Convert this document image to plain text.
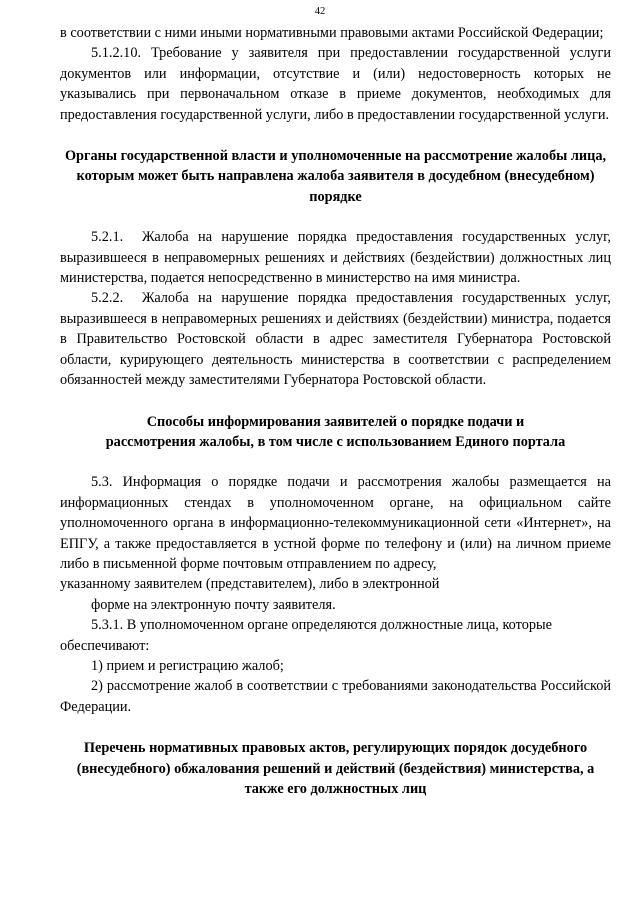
42

в соответствии с ними иными нормативными правовыми актами Российской Федерации;

5.1.2.10. Требование у заявителя при предоставлении государственной услуги документов или информации, отсутствие и (или) недостоверность которых не указывались при первоначальном отказе в приеме документов, необходимых для предоставления государственной услуги, либо в предоставлении государственной услуги.

Органы государственной власти и уполномоченные на рассмотрение жалобы лица, которым может быть направлена жалоба заявителя в досудебном (внесудебном) порядке

5.2.1.  Жалоба на нарушение порядка предоставления государственных услуг, выразившееся в неправомерных решениях и действиях (бездействии) должностных лиц министерства, подается непосредственно в министерство на имя министра.

5.2.2.  Жалоба на нарушение порядка предоставления государственных услуг, выразившееся в неправомерных решениях и действиях (бездействии) министра, подается в Правительство Ростовской области в адрес заместителя Губернатора Ростовской области, курирующего деятельность министерства в соответствии с распределением обязанностей между заместителями Губернатора Ростовской области.

Способы информирования заявителей о порядке подачи и рассмотрения жалобы, в том числе с использованием Единого портала

5.3. Информация о порядке подачи и рассмотрения жалобы размещается на информационных стендах в уполномоченном органе, на официальном сайте уполномоченного органа в информационно-телекоммуникационной сети «Интернет», на ЕПГУ, а также предоставляется в устной форме по телефону и (или) на личном приеме либо в письменной форме почтовым отправлением по адресу,

указанному заявителем (представителем), либо в электронной

форме на электронную почту заявителя.

5.3.1. В уполномоченном органе определяются должностные лица, которые

обеспечивают:

1) прием и регистрацию жалоб;

2) рассмотрение жалоб в соответствии с требованиями законодательства Российской Федерации.

Перечень нормативных правовых актов, регулирующих порядок досудебного (внесудебного) обжалования решений и действий (бездействия) министерства, а также его должностных лиц
